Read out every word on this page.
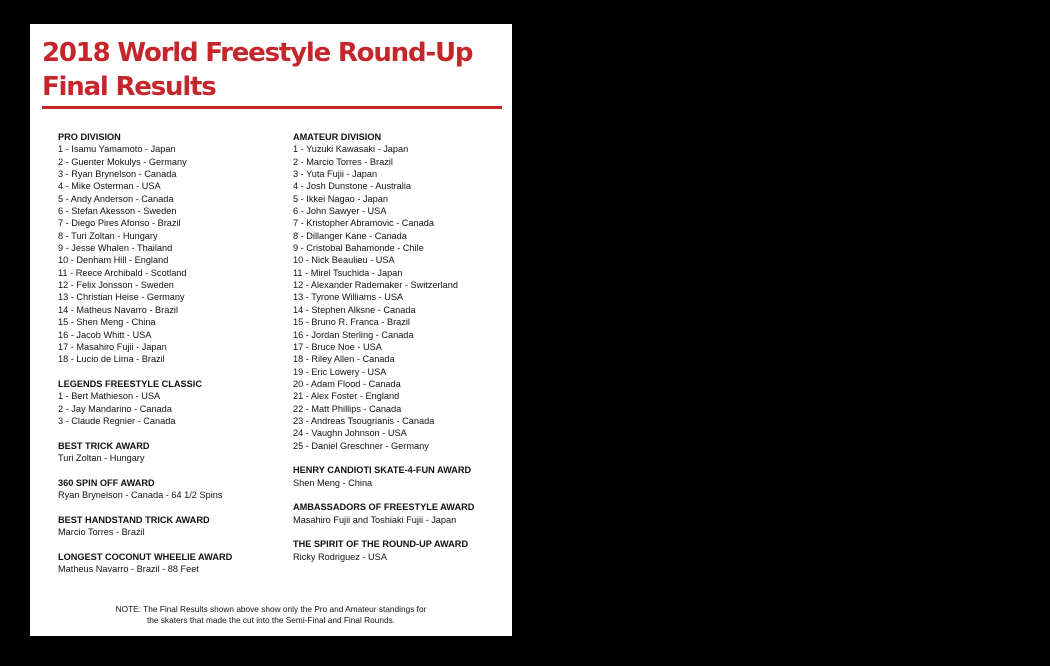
2018 World Freestyle Round-Up Final Results
PRO DIVISION
1 - Isamu Yamamoto - Japan
2 - Guenter Mokulys - Germany
3 - Ryan Brynelson - Canada
4 - Mike Osterman - USA
5 - Andy Anderson - Canada
6 - Stefan Akesson - Sweden
7 - Diego Pires Afonso - Brazil
8 - Turi Zoltan - Hungary
9 - Jesse Whalen - Thailand
10 - Denham Hill - England
11 - Reece Archibald - Scotland
12 - Felix Jonsson - Sweden
13 - Christian Heise - Germany
14 - Matheus Navarro - Brazil
15 - Shen Meng - China
16 - Jacob Whitt - USA
17 - Masahiro Fujii - Japan
18 - Lucio de Lima - Brazil
LEGENDS FREESTYLE CLASSIC
1 - Bert Mathieson - USA
2 - Jay Mandarino - Canada
3 - Claude Regnier - Canada
BEST TRICK AWARD
Turi Zoltan - Hungary
360 SPIN OFF AWARD
Ryan Brynelson - Canada - 64 1/2 Spins
BEST HANDSTAND TRICK AWARD
Marcio Torres - Brazil
LONGEST COCONUT WHEELIE AWARD
Matheus Navarro - Brazil - 88 Feet
AMATEUR DIVISION
1 - Yuzuki Kawasaki - Japan
2 - Marcio Torres - Brazil
3 - Yuta Fujii - Japan
4 - Josh Dunstone - Australia
5 - Ikkei Nagao - Japan
6 - John Sawyer - USA
7 - Kristopher Abramovic - Canada
8 - Dillanger Kane - Canada
9 - Cristobal Bahamonde - Chile
10 - Nick Beaulieu - USA
11 - Mirel Tsuchida - Japan
12 - Alexander Rademaker - Switzerland
13 - Tyrone Williams - USA
14 - Stephen Alksne - Canada
15 - Bruno R. Franca - Brazil
16 - Jordan Sterling - Canada
17 - Bruce Noe - USA
18 - Riley Allen - Canada
19 - Eric Lowery - USA
20 - Adam Flood - Canada
21 - Alex Foster - England
22 - Matt Phillips - Canada
23 - Andreas Tsougrianis - Canada
24 - Vaughn Johnson - USA
25 - Daniel Greschner - Germany
HENRY CANDIOTI SKATE-4-FUN AWARD
Shen Meng - China
AMBASSADORS OF FREESTYLE AWARD
Masahiro Fujii and Toshiaki Fujii - Japan
THE SPIRIT OF THE ROUND-UP AWARD
Ricky Rodriguez - USA
NOTE: The Final Results shown above show only the Pro and Amateur standings for
the skaters that made the cut into the Semi-Final and Final Rounds.
